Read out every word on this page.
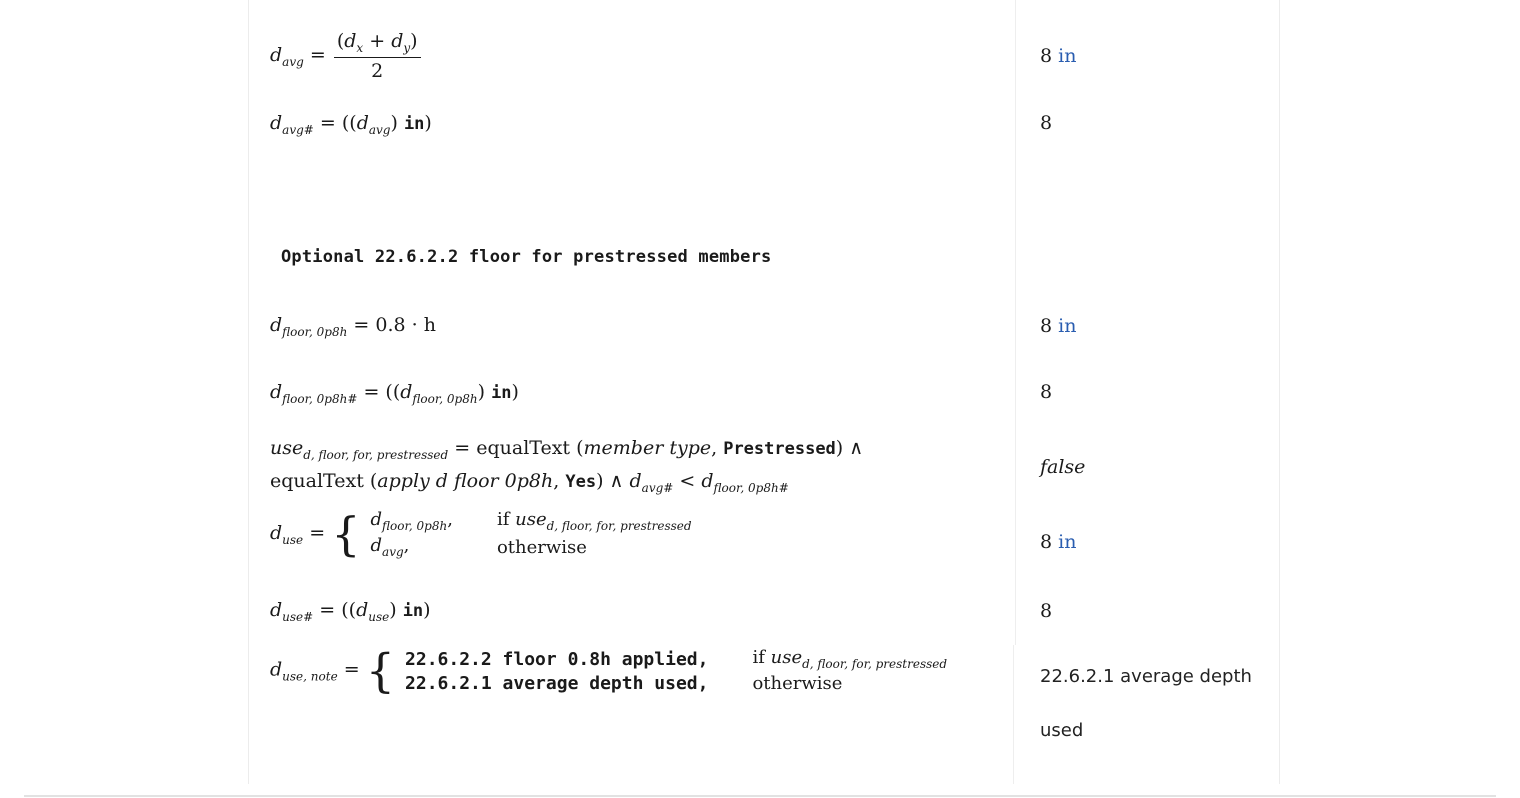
$d_{avg} = \frac{(d_x + d_y)}{2}$	8 in
$d_{avg\#} = ((d_{avg})$ in)	8
Optional 22.6.2.2 floor for prestressed members
$d_{floor, 0p8h} = 0.8 \cdot h$	8 in
$d_{floor, 0p8h\#} = ((d_{floor, 0p8h})$ in)	8
use$_{d, floor, for, prestressed}$ = equalText (member type, Prestressed) ∧
equalText (apply d floor 0p8h, Yes) ∧ $d_{avg\#} < d_{floor, 0p8h\#}$
false
$d_{use}$ = { $d_{floor, 0p8h}$,	if use$_{d, floor, for, prestressed}$
$d_{avg}$,	otherwise	8 in
$d_{use\#} = ((d_{use})$ in)	8
$d_{use, note}$ = { 22.6.2.2 floor 0.8h applied,	if use$_{d, floor, for, prestressed}$
22.6.2.1 average depth used,	otherwise	22.6.2.1 average depth
used
